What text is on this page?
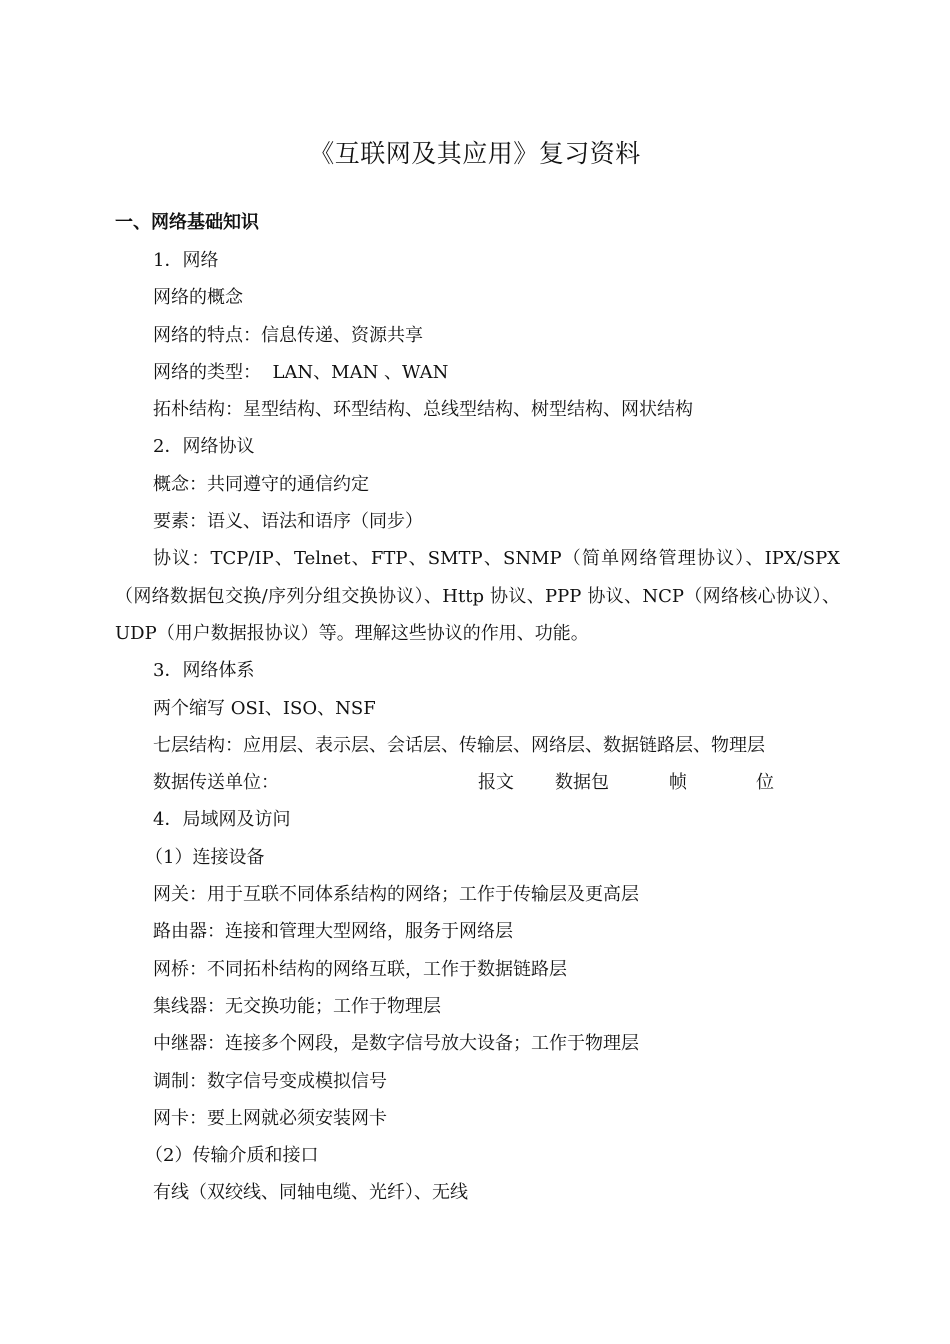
《互联网及其应用》复习资料
一、网络基础知识
1．网络
网络的概念
网络的特点：信息传递、资源共享
网络的类型：  LAN、MAN 、WAN
拓朴结构：星型结构、环型结构、总线型结构、树型结构、网状结构
2．网络协议
概念：共同遵守的通信约定
要素：语义、语法和语序（同步）
协议：TCP/IP、Telnet、FTP、SMTP、SNMP（简单网络管理协议）、IPX/SPX（网络数据包交换/序列分组交换协议）、Http 协议、PPP 协议、NCP（网络核心协议）、UDP（用户数据报协议）等。理解这些协议的作用、功能。
3．网络体系
两个缩写 OSI、ISO、NSF
七层结构：应用层、表示层、会话层、传输层、网络层、数据链路层、物理层
数据传送单位：	报文 数据包	帧	位
4．局域网及访问
（1）连接设备
网关：用于互联不同体系结构的网络；工作于传输层及更高层
路由器：连接和管理大型网络，服务于网络层
网桥：不同拓朴结构的网络互联，工作于数据链路层
集线器：无交换功能；工作于物理层
中继器：连接多个网段，是数字信号放大设备；工作于物理层
调制：数字信号变成模拟信号
网卡：要上网就必须安装网卡
（2）传输介质和接口
有线（双绞线、同轴电缆、光纤）、无线
